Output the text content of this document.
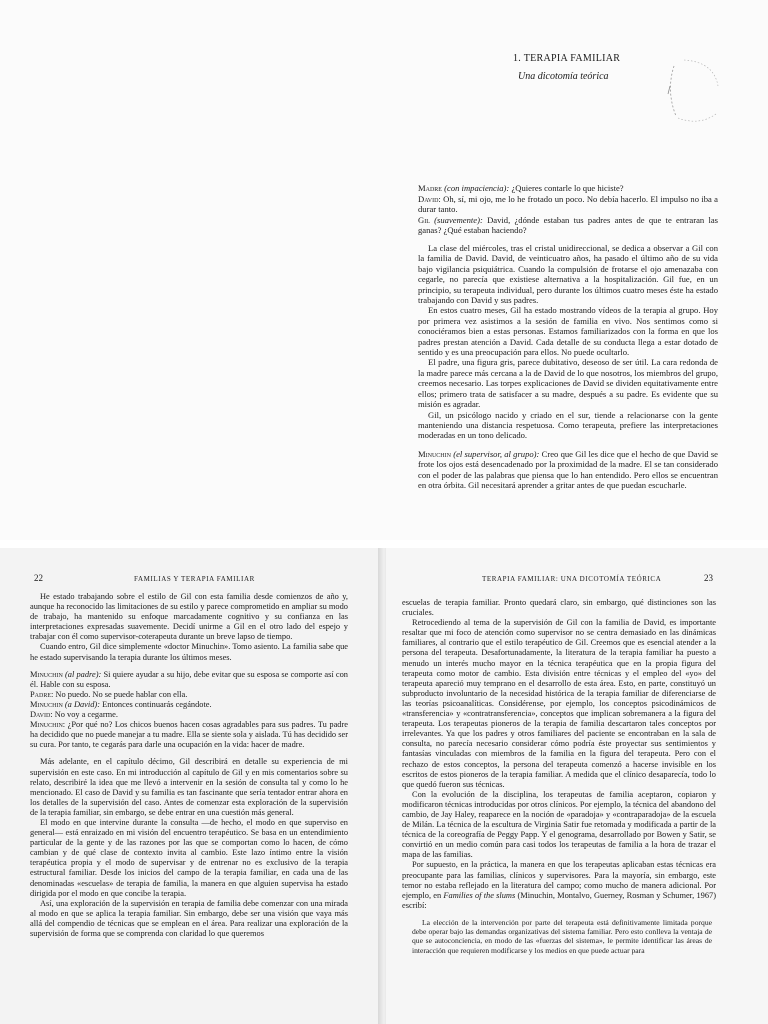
1. TERAPIA FAMILIAR
Una dicotomía teórica

Madre (con impaciencia): ¿Quieres contarle lo que hiciste?

David: Oh, sí, mi ojo, me lo he frotado un poco. No debía hacerlo. El impulso no iba a durar tanto.

Gil (suavemente): David, ¿dónde estaban tus padres antes de que te entraran las ganas? ¿Qué estaban haciendo?

La clase del miércoles, tras el cristal unidireccional, se dedica a observar a Gil con la familia de David. David, de veinticuatro años, ha pasado el último año de su vida bajo vigilancia psiquiátrica. Cuando la compulsión de frotarse el ojo amenazaba con cegarle, no parecía que existiese alternativa a la hospitalización. Gil fue, en un principio, su terapeuta individual, pero durante los últimos cuatro meses éste ha estado trabajando con David y sus padres.

En estos cuatro meses, Gil ha estado mostrando vídeos de la terapia al grupo. Hoy por primera vez asistimos a la sesión de familia en vivo. Nos sentimos como si conociéramos bien a estas personas. Estamos familiarizados con la forma en que los padres prestan atención a David. Cada detalle de su conducta llega a estar dotado de sentido y es una preocupación para ellos. No puede ocultarlo.

El padre, una figura gris, parece dubitativo, deseoso de ser útil. La cara redonda de la madre parece más cercana a la de David de lo que nosotros, los miembros del grupo, creemos necesario. Las torpes explicaciones de David se dividen equitativamente entre ellos; primero trata de satisfacer a su madre, después a su padre. Es evidente que su misión es agradar.

Gil, un psicólogo nacido y criado en el sur, tiende a relacionarse con la gente manteniendo una distancia respetuosa. Como terapeuta, prefiere las interpretaciones moderadas en un tono delicado.

Minuchin (el supervisor, al grupo): Creo que Gil les dice que el hecho de que David se frote los ojos está desencadenado por la proximidad de la madre. El se tan considerado con el poder de las palabras que piensa que lo han entendido. Pero ellos se encuentran en otra órbita. Gil necesitará aprender a gritar antes de que puedan escucharle.

22	FAMILIAS Y TERAPIA FAMILIAR

He estado trabajando sobre el estilo de Gil con esta familia desde comienzos de año y, aunque ha reconocido las limitaciones de su estilo y parece comprometido en ampliar su modo de trabajo, ha mantenido su enfoque marcadamente cognitivo y su confianza en las interpretaciones expresadas suavemente. Decidí unirme a Gil en el otro lado del espejo y trabajar con él como supervisor-coterapeuta durante un breve lapso de tiempo.

Cuando entro, Gil dice simplemente «doctor Minuchin». Tomo asiento. La familia sabe que he estado supervisando la terapia durante los últimos meses.

Minuchin (al padre): Si quiere ayudar a su hijo, debe evitar que su esposa se comporte así con él. Hable con su esposa.

Padre: No puedo. No se puede hablar con ella.

Minuchin (a David): Entonces continuarás cegándote.

David: No voy a cegarme.

Minuchin: ¿Por qué no? Los chicos buenos hacen cosas agradables para sus padres. Tu padre ha decidido que no puede manejar a tu madre. Ella se siente sola y aislada. Tú has decidido ser su cura. Por tanto, te cegarás para darle una ocupación en la vida: hacer de madre.

Más adelante, en el capítulo décimo, Gil describirá en detalle su experiencia de mi supervisión en este caso. En mi introducción al capítulo de Gil y en mis comentarios sobre su relato, describiré la idea que me llevó a intervenir en la sesión de consulta tal y como lo he mencionado. El caso de David y su familia es tan fascinante que sería tentador entrar ahora en los detalles de la supervisión del caso. Antes de comenzar esta exploración de la supervisión de la terapia familiar, sin embargo, se debe entrar en una cuestión más general.

El modo en que intervine durante la consulta —de hecho, el modo en que superviso en general— está enraizado en mi visión del encuentro terapéutico. Se basa en un entendimiento particular de la gente y de las razones por las que se comportan como lo hacen, de cómo cambian y de qué clase de contexto invita al cambio. Este lazo íntimo entre la visión terapéutica propia y el modo de supervisar y de entrenar no es exclusivo de la terapia estructural familiar. Desde los inicios del campo de la terapia familiar, en cada una de las denominadas «escuelas» de terapia de familia, la manera en que alguien supervisa ha estado dirigida por el modo en que concibe la terapia.

Así, una exploración de la supervisión en terapia de familia debe comenzar con una mirada al modo en que se aplica la terapia familiar. Sin embargo, debe ser una visión que vaya más allá del compendio de técnicas que se emplean en el área. Para realizar una exploración de la supervisión de forma que se comprenda con claridad lo que queremos

TERAPIA FAMILIAR: UNA DICOTOMÍA TEÓRICA	23

escuelas de terapia familiar. Pronto quedará claro, sin embargo, qué distinciones son las cruciales.

Retrocediendo al tema de la supervisión de Gil con la familia de David, es importante resaltar que mi foco de atención como supervisor no se centra demasiado en las dinámicas familiares, al contrario que el estilo terapéutico de Gil. Creemos que es esencial atender a la persona del terapeuta. Desafortunadamente, la literatura de la terapia familiar ha puesto a menudo un interés mucho mayor en la técnica terapéutica que en la propia figura del terapeuta como motor de cambio. Esta división entre técnicas y el empleo del «yo» del terapeuta apareció muy temprano en el desarrollo de esta área. Esto, en parte, constituyó un subproducto involuntario de la necesidad histórica de la terapia familiar de diferenciarse de las teorías psicoanalíticas. Considérense, por ejemplo, los conceptos psicodinámicos de «transferencia» y «contratransferencia», conceptos que implican sobremanera a la figura del terapeuta. Los terapeutas pioneros de la terapia de familia descartaron tales conceptos por irrelevantes. Ya que los padres y otros familiares del paciente se encontraban en la sala de consulta, no parecía necesario considerar cómo podría éste proyectar sus sentimientos y fantasías vinculadas con miembros de la familia en la figura del terapeuta. Pero con el rechazo de estos conceptos, la persona del terapeuta comenzó a hacerse invisible en los escritos de estos pioneros de la terapia familiar. A medida que el clínico desaparecía, todo lo que quedó fueron sus técnicas.

Con la evolución de la disciplina, los terapeutas de familia aceptaron, copiaron y modificaron técnicas introducidas por otros clínicos. Por ejemplo, la técnica del abandono del cambio, de Jay Haley, reaparece en la noción de «paradoja» y «contraparadoja» de la escuela de Milán. La técnica de la escultura de Virginia Satir fue retomada y modificada a partir de la técnica de la coreografía de Peggy Papp. Y el genograma, desarrollado por Bowen y Satir, se convirtió en un medio común para casi todos los terapeutas de familia a la hora de trazar el mapa de las familias.

Por supuesto, en la práctica, la manera en que los terapeutas aplicaban estas técnicas era preocupante para las familias, clínicos y supervisores. Para la mayoría, sin embargo, este temor no estaba reflejado en la literatura del campo; como mucho de manera adicional. Por ejemplo, en Families of the slums (Minuchin, Montalvo, Guerney, Rosman y Schumer, 1967) escribí:

La elección de la intervención por parte del terapeuta está definitivamente limitada porque debe operar bajo las demandas organizativas del sistema familiar. Pero esto conlleva la ventaja de que se autoconciencia, en modo de las «fuerzas del sistema», le permite identificar las áreas de interacción que requieren modificarse y los medios en que puede actuar para
